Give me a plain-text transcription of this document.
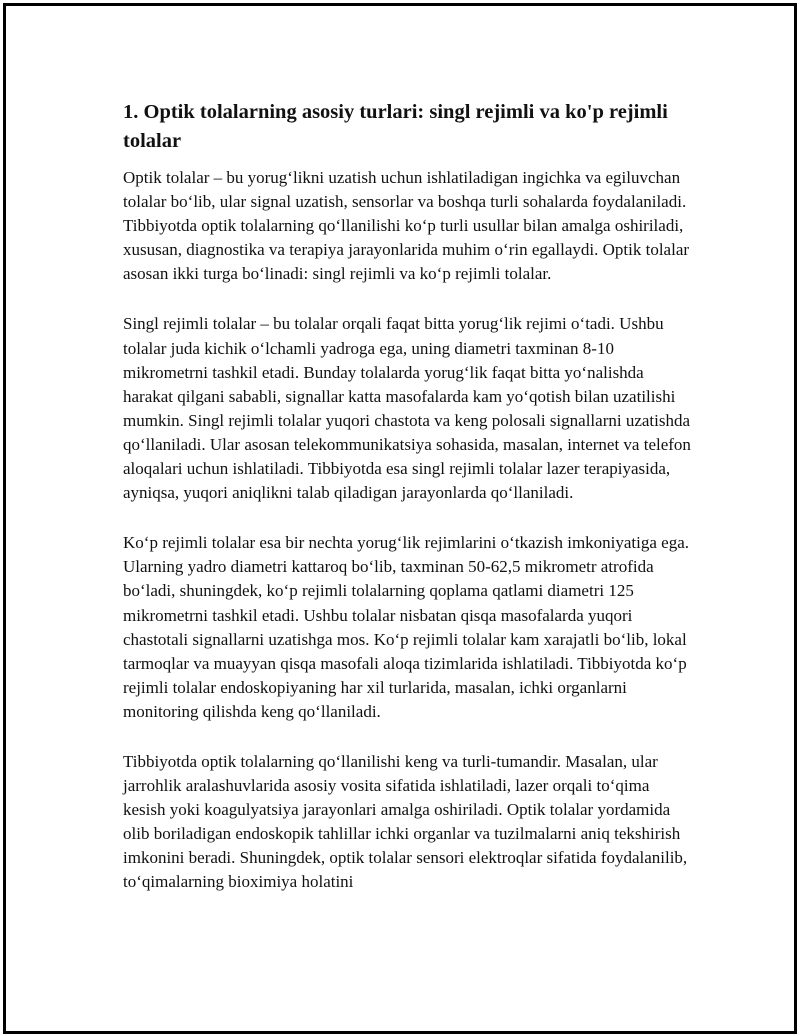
1. Optik tolalarning asosiy turlari: singl rejimli va ko'p rejimli tolalar

Optik tolalar – bu yorug‘likni uzatish uchun ishlatiladigan ingichka va egiluvchan tolalar bo‘lib, ular signal uzatish, sensorlar va boshqa turli sohalarda foydalaniladi. Tibbiyotda optik tolalarning qo‘llanilishi ko‘p turli usullar bilan amalga oshiriladi, xususan, diagnostika va terapiya jarayonlarida muhim o‘rin egallaydi. Optik tolalar asosan ikki turga bo‘linadi: singl rejimli va ko‘p rejimli tolalar.

Singl rejimli tolalar – bu tolalar orqali faqat bitta yorug‘lik rejimi o‘tadi. Ushbu tolalar juda kichik o‘lchamli yadroga ega, uning diametri taxminan 8-10 mikrometrni tashkil etadi. Bunday tolalarda yorug‘lik faqat bitta yo‘nalishda harakat qilgani sababli, signallar katta masofalarda kam yo‘qotish bilan uzatilishi mumkin. Singl rejimli tolalar yuqori chastota va keng polosali signallarni uzatishda qo‘llaniladi. Ular asosan telekommunikatsiya sohasida, masalan, internet va telefon aloqalari uchun ishlatiladi. Tibbiyotda esa singl rejimli tolalar lazer terapiyasida, ayniqsa, yuqori aniqlikni talab qiladigan jarayonlarda qo‘llaniladi.

Ko‘p rejimli tolalar esa bir nechta yorug‘lik rejimlarini o‘tkazish imkoniyatiga ega. Ularning yadro diametri kattaroq bo‘lib, taxminan 50-62,5 mikrometr atrofida bo‘ladi, shuningdek, ko‘p rejimli tolalarning qoplama qatlami diametri 125 mikrometrni tashkil etadi. Ushbu tolalar nisbatan qisqa masofalarda yuqori chastotali signallarni uzatishga mos. Ko‘p rejimli tolalar kam xarajatli bo‘lib, lokal tarmoqlar va muayyan qisqa masofali aloqa tizimlarida ishlatiladi. Tibbiyotda ko‘p rejimli tolalar endoskopiyaning har xil turlarida, masalan, ichki organlarni monitoring qilishda keng qo‘llaniladi.

Tibbiyotda optik tolalarning qo‘llanilishi keng va turli-tumandir. Masalan, ular jarrohlik aralashuvlarida asosiy vosita sifatida ishlatiladi, lazer orqali to‘qima kesish yoki koagulyatsiya jarayonlari amalga oshiriladi. Optik tolalar yordamida olib boriladigan endoskopik tahlillar ichki organlar va tuzilmalarni aniq tekshirish imkonini beradi. Shuningdek, optik tolalar sensori elektroqlar sifatida foydalanilib, to‘qimalarning bioximiya holatini
